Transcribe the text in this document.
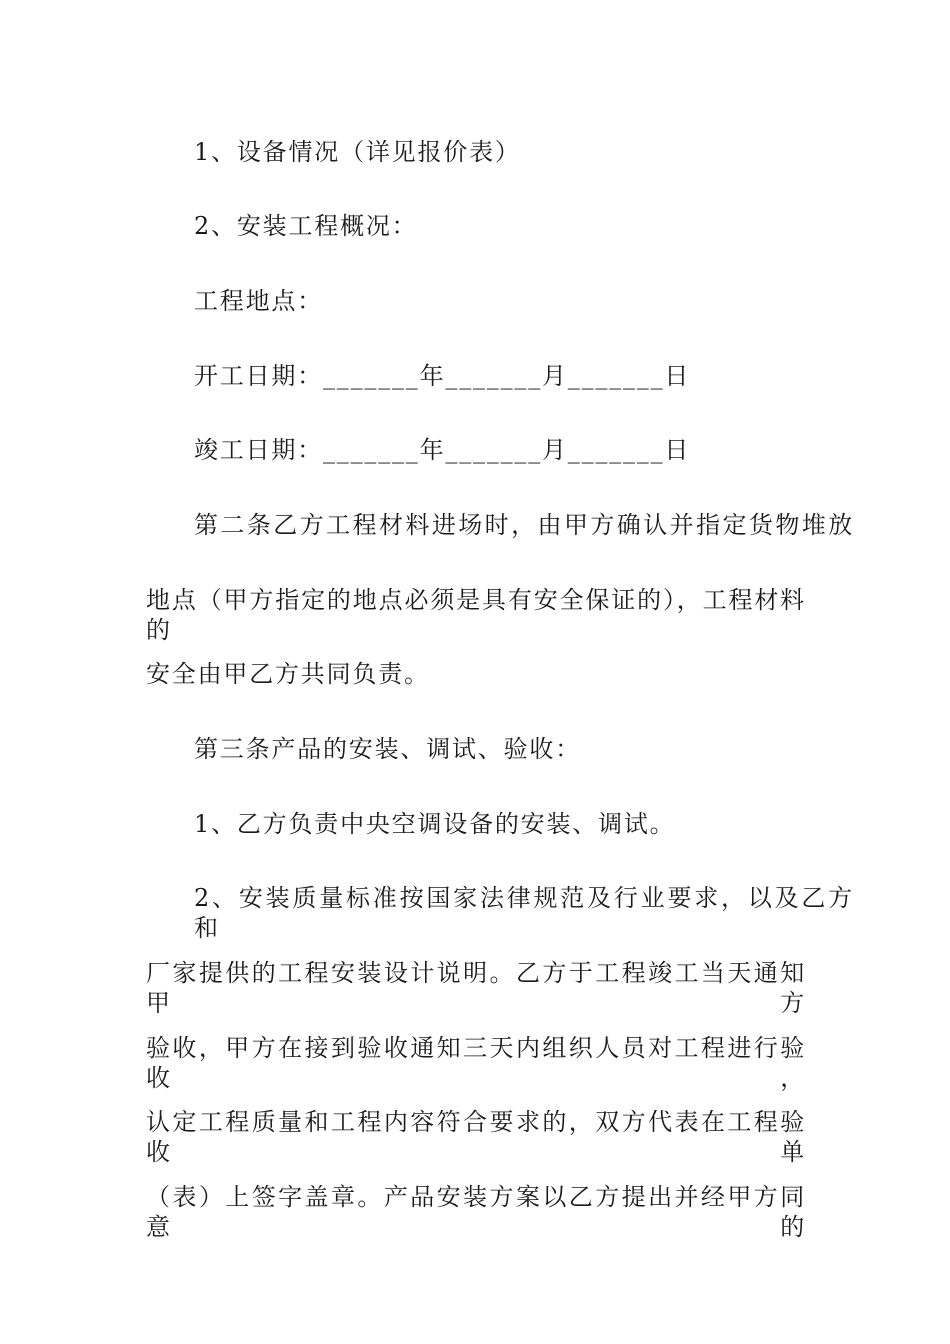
1、设备情况（详见报价表）
2、安装工程概况：
工程地点：
开工日期：_______年_______月_______日
竣工日期：_______年_______月_______日
第二条乙方工程材料进场时，由甲方确认并指定货物堆放
地点（甲方指定的地点必须是具有安全保证的），工程材料的
安全由甲乙方共同负责。
第三条产品的安装、调试、验收：
1、乙方负责中央空调设备的安装、调试。
2、安装质量标准按国家法律规范及行业要求，以及乙方和
厂家提供的工程安装设计说明。乙方于工程竣工当天通知甲方
验收，甲方在接到验收通知三天内组织人员对工程进行验收，
认定工程质量和工程内容符合要求的，双方代表在工程验收单
（表）上签字盖章。产品安装方案以乙方提出并经甲方同意的
